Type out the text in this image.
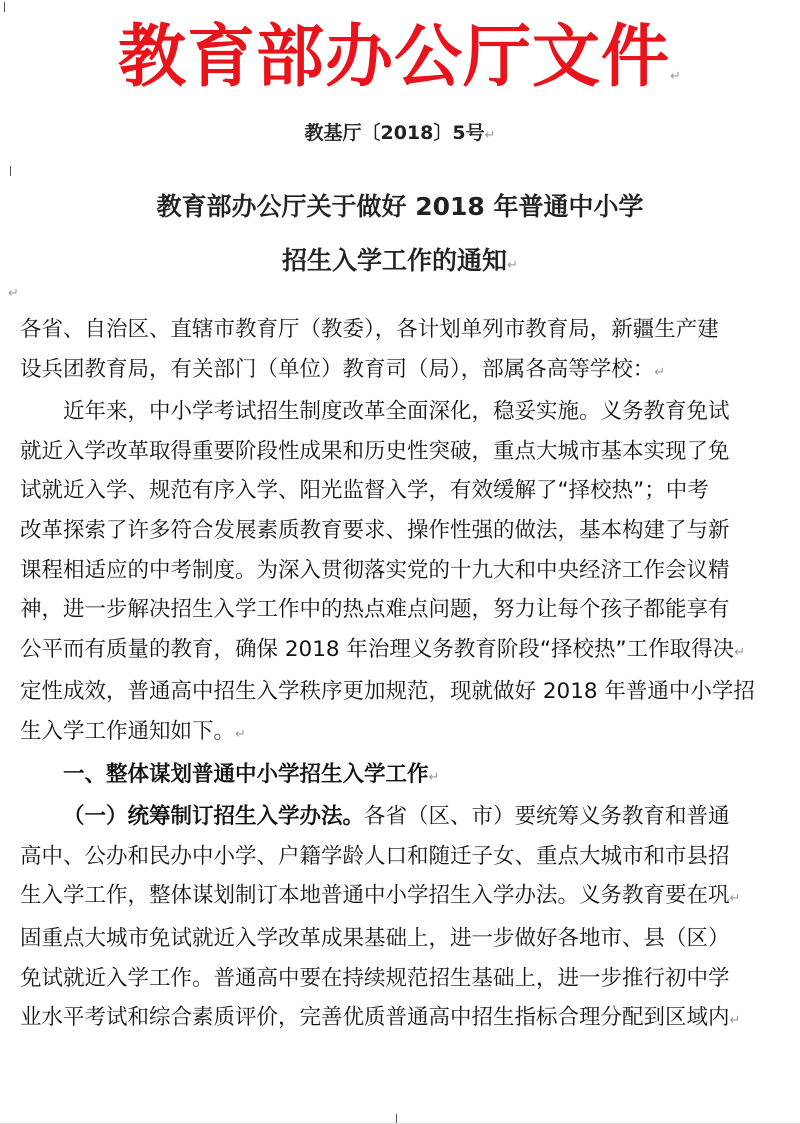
教育部办公厅文件↵
教基厅〔2018〕5号↵
教育部办公厅关于做好 2018 年普通中小学
招生入学工作的通知↵
↵
各省、自治区、直辖市教育厅（教委），各计划单列市教育局，新疆生产建
设兵团教育局，有关部门（单位）教育司（局），部属各高等学校：↵
近年来，中小学考试招生制度改革全面深化，稳妥实施。义务教育免试
就近入学改革取得重要阶段性成果和历史性突破，重点大城市基本实现了免
试就近入学、规范有序入学、阳光监督入学，有效缓解了“择校热”；中考
改革探索了许多符合发展素质教育要求、操作性强的做法，基本构建了与新
课程相适应的中考制度。为深入贯彻落实党的十九大和中央经济工作会议精
神，进一步解决招生入学工作中的热点难点问题，努力让每个孩子都能享有
公平而有质量的教育，确保 2018 年治理义务教育阶段“择校热”工作取得决↵
定性成效，普通高中招生入学秩序更加规范，现就做好 2018 年普通中小学招
生入学工作通知如下。↵
一、整体谋划普通中小学招生入学工作↵
（一）统筹制订招生入学办法。各省（区、市）要统筹义务教育和普通
高中、公办和民办中小学、户籍学龄人口和随迁子女、重点大城市和市县招
生入学工作，整体谋划制订本地普通中小学招生入学办法。义务教育要在巩↵
固重点大城市免试就近入学改革成果基础上，进一步做好各地市、县（区）
免试就近入学工作。普通高中要在持续规范招生基础上，进一步推行初中学
业水平考试和综合素质评价，完善优质普通高中招生指标合理分配到区域内↵
